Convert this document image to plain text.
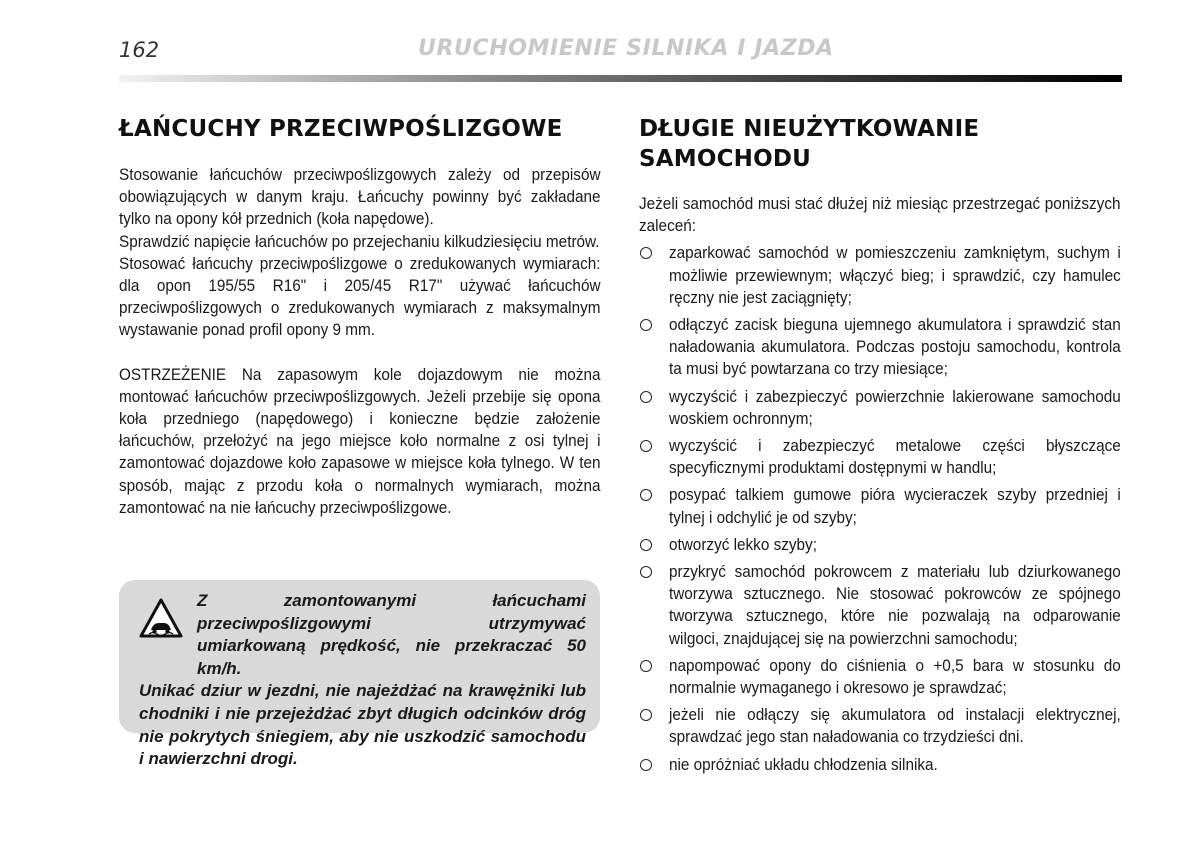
162	URUCHOMIENIE SILNIKA I JAZDA
ŁAŃCUCHY PRZECIWPOŚLIZGOWE

Stosowanie łańcuchów przeciwpoślizgowych zależy od przepisów obowiązujących w danym kraju. Łańcuchy powinny być zakładane tylko na opony kół przednich (koła napędowe).
Sprawdzić napięcie łańcuchów po przejechaniu kilkudziesięciu metrów.
Stosować łańcuchy przeciwpoślizgowe o zredukowanych wymiarach: dla opon 195/55 R16" i 205/45 R17" używać łańcuchów przeciwpoślizgowych o zredukowanych wymiarach z maksymalnym wystawanie ponad profil opony 9 mm.

OSTRZEŻENIE Na zapasowym kole dojazdowym nie można montować łańcuchów przeciwpoślizgowych. Jeżeli przebije się opona koła przedniego (napędowego) i konieczne będzie założenie łańcuchów, przełożyć na jego miejsce koło normalne z osi tylnej i zamontować dojazdowe koło zapasowe w miejsce koła tylnego. W ten sposób, mając z przodu koła o normalnych wymiarach, można zamontować na nie łańcuchy przeciwpoślizgowe.

Z zamontowanymi łańcuchami przeciwpoślizgowymi utrzymywać umiarkowaną prędkość, nie przekraczać 50 km/h.
Unikać dziur w jezdni, nie najeżdżać na krawężniki lub chodniki i nie przejeżdżać zbyt długich odcinków dróg nie pokrytych śniegiem, aby nie uszkodzić samochodu i nawierzchni drogi.

DŁUGIE NIEUŻYTKOWANIE
SAMOCHODU

Jeżeli samochód musi stać dłużej niż miesiąc przestrzegać poniższych zaleceń:

zaparkować samochód w pomieszczeniu zamkniętym, suchym i możliwie przewiewnym; włączyć bieg; i sprawdzić, czy hamulec ręczny nie jest zaciągnięty;
odłączyć zacisk bieguna ujemnego akumulatora i sprawdzić stan naładowania akumulatora. Podczas postoju samochodu, kontrola ta musi być powtarzana co trzy miesiące;
wyczyścić i zabezpieczyć powierzchnie lakierowane samochodu woskiem ochronnym;
wyczyścić i zabezpieczyć metalowe części błyszczące specyficznymi produktami dostępnymi w handlu;
posypać talkiem gumowe pióra wycieraczek szyby przedniej i tylnej i odchylić je od szyby;
otworzyć lekko szyby;
przykryć samochód pokrowcem z materiału lub dziurkowanego tworzywa sztucznego. Nie stosować pokrowców ze spójnego tworzywa sztucznego, które nie pozwalają na odparowanie wilgoci, znajdującej się na powierzchni samochodu;
napompować opony do ciśnienia o +0,5 bara w stosunku do normalnie wymaganego i okresowo je sprawdzać;
jeżeli nie odłączy się akumulatora od instalacji elektrycznej, sprawdzać jego stan naładowania co trzydzieści dni.
nie opróżniać układu chłodzenia silnika.
